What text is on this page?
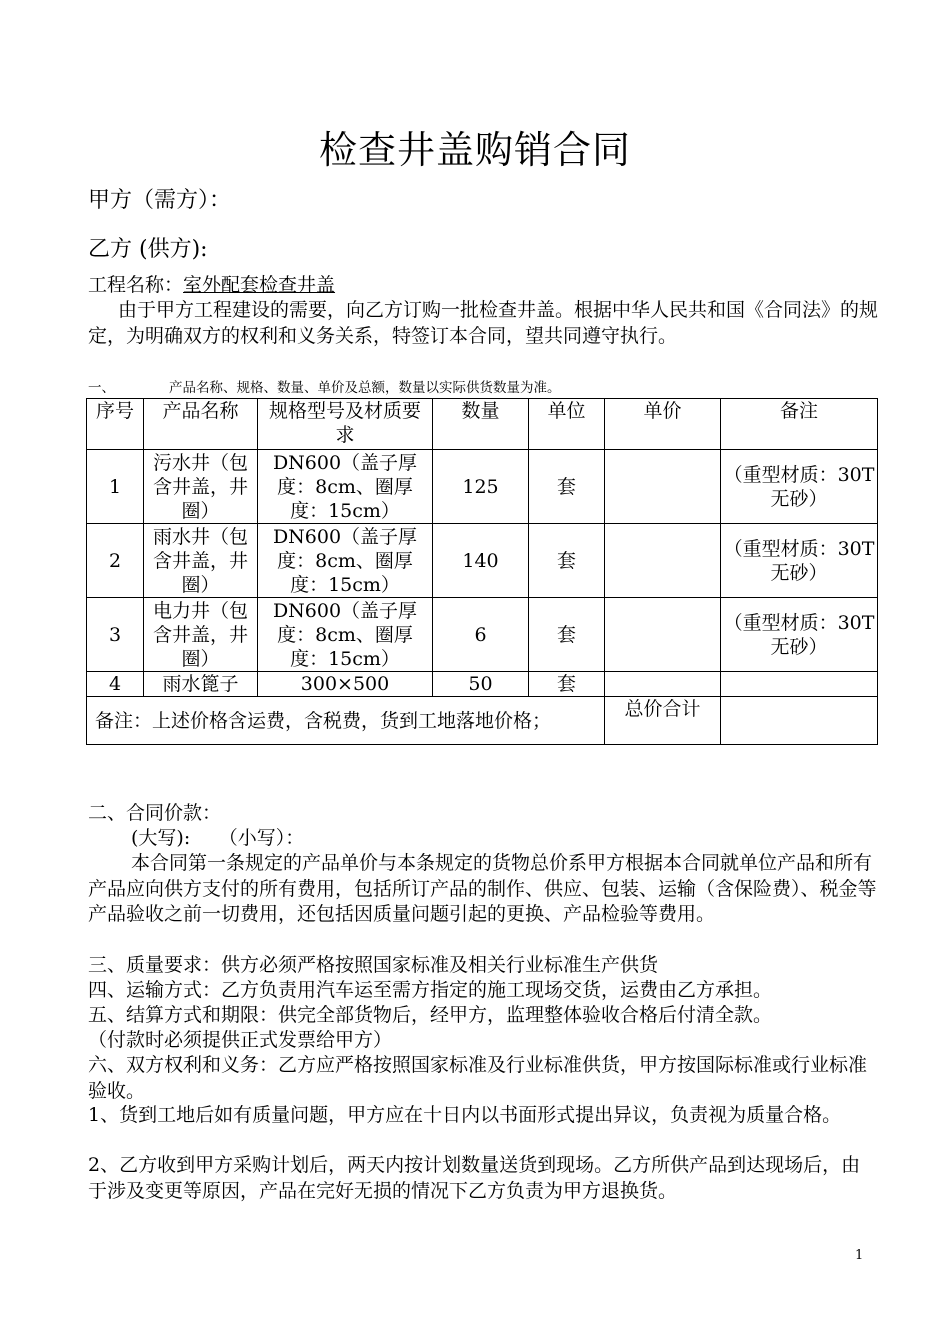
检查井盖购销合同
甲方（需方）：
乙方 (供方):
工程名称：室外配套检查井盖
由于甲方工程建设的需要，向乙方订购一批检查井盖。根据中华人民共和国《合同法》的规定，为明确双方的权利和义务关系，特签订本合同，望共同遵守执行。
一、	产品名称、规格、数量、单价及总额，数量以实际供货数量为准。
序号	产品名称	规格型号及材质要求	数量	单位	单价	备注
1	污水井（包含井盖，井圈）	DN600（盖子厚度：8cm、圈厚度：15cm）	125	套		（重型材质：30T 无砂）
2	雨水井（包含井盖，井圈）	DN600（盖子厚度：8cm、圈厚度：15cm）	140	套		（重型材质：30T 无砂）
3	电力井（包含井盖，井圈）	DN600（盖子厚度：8cm、圈厚度：15cm）	6	套		（重型材质：30T 无砂）
4	雨水篦子	300×500	50	套		
备注：上述价格含运费，含税费，货到工地落地价格；					总价合计	
二、合同价款：
(大写):　　（小写）：
本合同第一条规定的产品单价与本条规定的货物总价系甲方根据本合同就单位产品和所有产品应向供方支付的所有费用，包括所订产品的制作、供应、包装、运输（含保险费）、税金等产品验收之前一切费用，还包括因质量问题引起的更换、产品检验等费用。
三、质量要求：供方必须严格按照国家标准及相关行业标准生产供货
四、运输方式：乙方负责用汽车运至需方指定的施工现场交货，运费由乙方承担。
五、结算方式和期限：供完全部货物后，经甲方，监理整体验收合格后付清全款。
（付款时必须提供正式发票给甲方）
六、双方权利和义务：乙方应严格按照国家标准及行业标准供货，甲方按国际标准或行业标准验收。
1、货到工地后如有质量问题，甲方应在十日内以书面形式提出异议，负责视为质量合格。
2、乙方收到甲方采购计划后，两天内按计划数量送货到现场。乙方所供产品到达现场后，由于涉及变更等原因，产品在完好无损的情况下乙方负责为甲方退换货。
1
